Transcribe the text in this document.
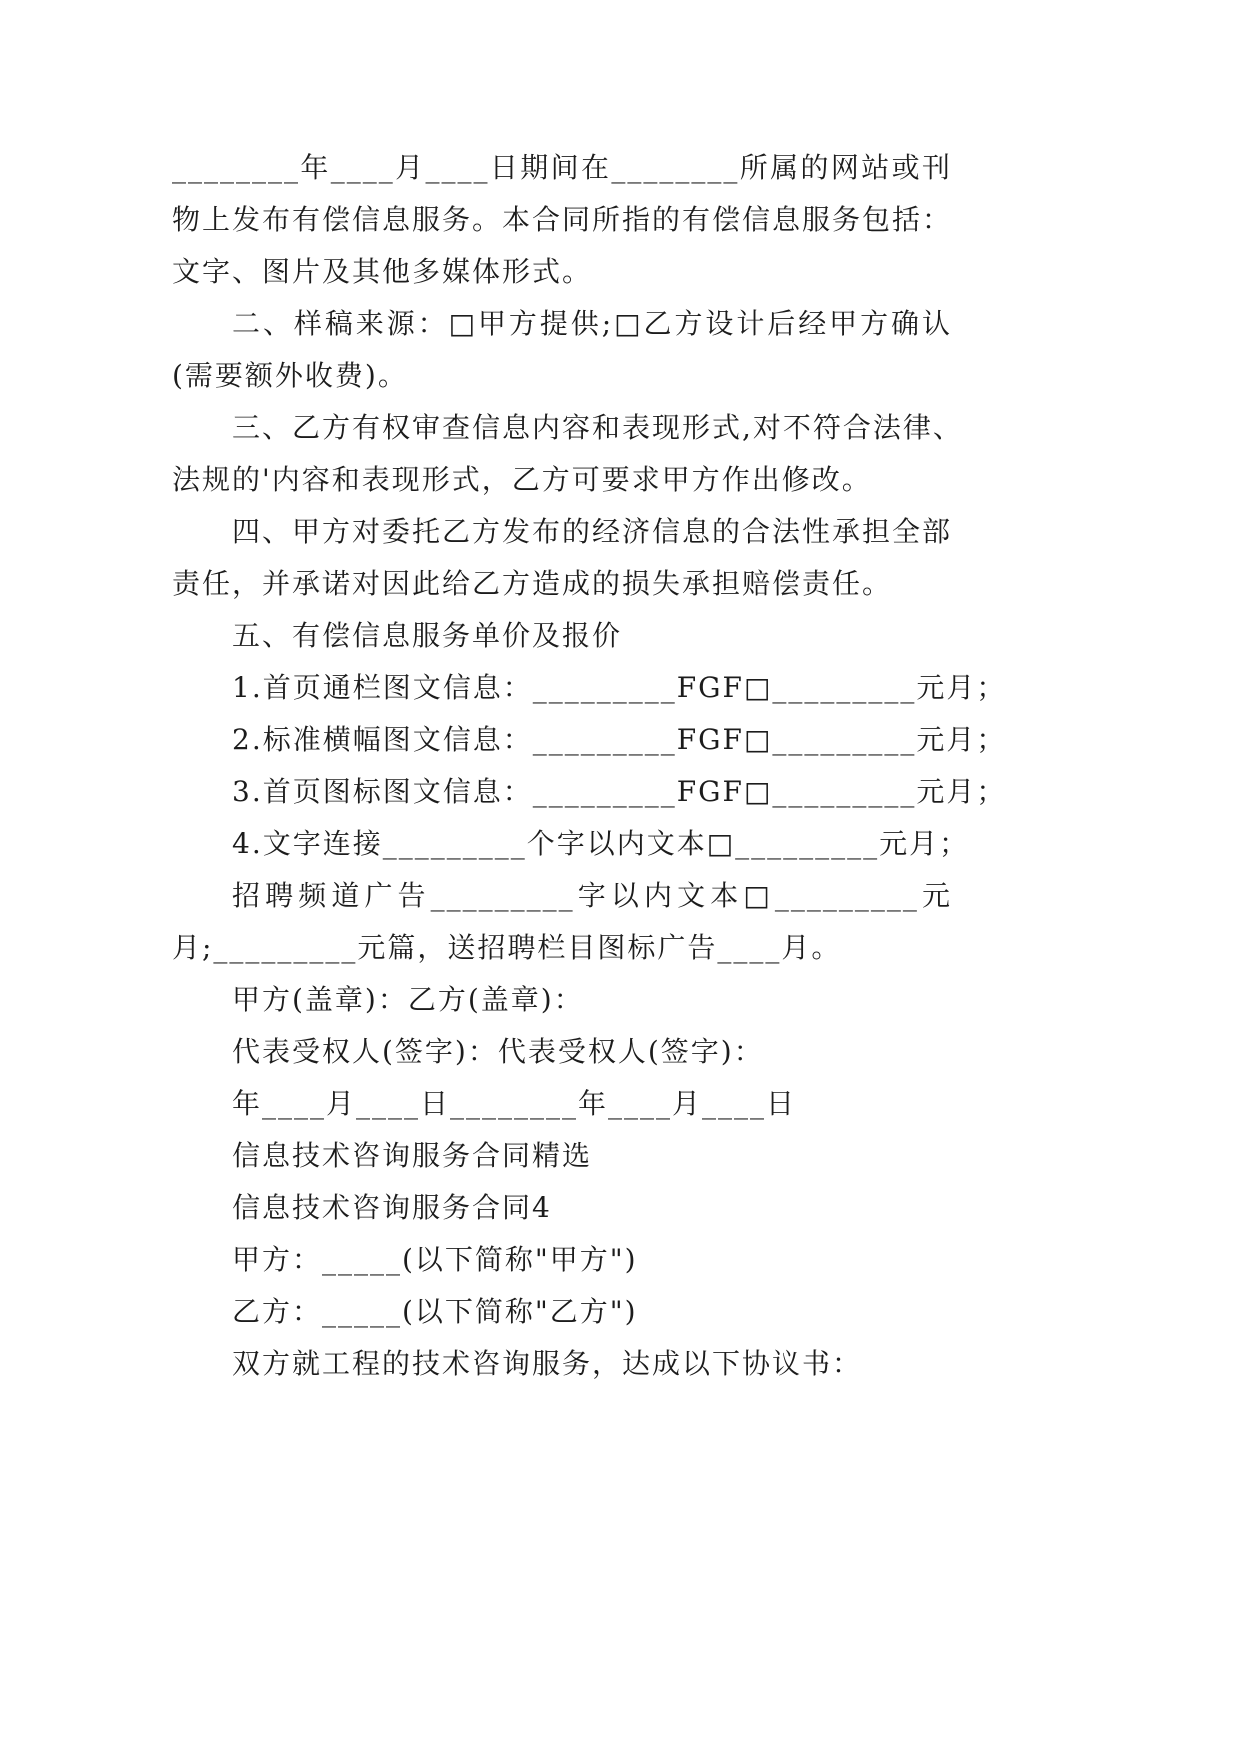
________年____月____日期间在________所属的网站或刊
物上发布有偿信息服务。本合同所指的有偿信息服务包括：
文字、图片及其他多媒体形式。
二、样稿来源：□甲方提供;□乙方设计后经甲方确认
(需要额外收费)。
三、乙方有权审查信息内容和表现形式,对不符合法律、
法规的'内容和表现形式，乙方可要求甲方作出修改。
四、甲方对委托乙方发布的经济信息的合法性承担全部
责任，并承诺对因此给乙方造成的损失承担赔偿责任。
五、有偿信息服务单价及报价
1.首页通栏图文信息：_________FGF□_________元月；
2.标准横幅图文信息：_________FGF□_________元月；
3.首页图标图文信息：_________FGF□_________元月；
4.文字连接_________个字以内文本□_________元月；
招聘频道广告_________字以内文本□_________元
月;_________元篇，送招聘栏目图标广告____月。
甲方(盖章)：乙方(盖章)：
代表受权人(签字)：代表受权人(签字)：
年____月____日________年____月____日
信息技术咨询服务合同精选
信息技术咨询服务合同4
甲方：_____(以下简称"甲方")
乙方：_____(以下简称"乙方")
双方就工程的技术咨询服务，达成以下协议书：
